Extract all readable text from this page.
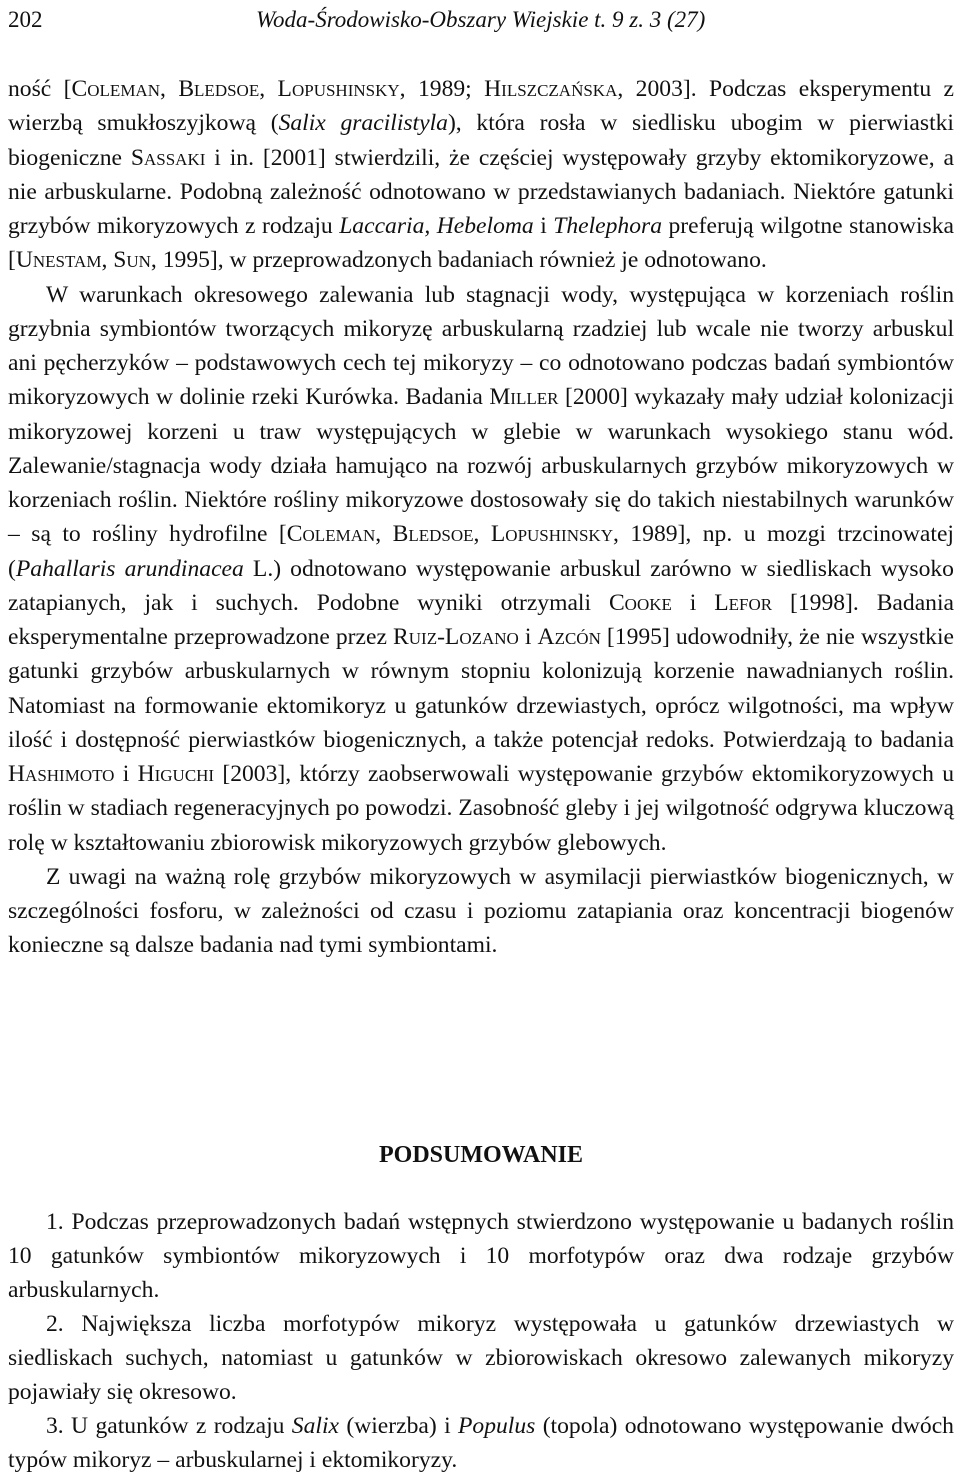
202	Woda-Środowisko-Obszary Wiejskie t. 9 z. 3 (27)

ność [Coleman, Bledsoe, Lopushinsky, 1989; Hilszczańska, 2003]. Podczas eksperymentu z wierzbą smukłoszyjkową (Salix gracilistyla), która rosła w siedlisku ubogim w pierwiastki biogeniczne Sassaki i in. [2001] stwierdzili, że częściej występowały grzyby ektomikoryzowe, a nie arbuskularne. Podobną zależność odnotowano w przedstawianych badaniach. Niektóre gatunki grzybów mikoryzowych z rodzaju Laccaria, Hebeloma i Thelephora preferują wilgotne stanowiska [Unestam, Sun, 1995], w przeprowadzonych badaniach również je odnotowano.

W warunkach okresowego zalewania lub stagnacji wody, występująca w korzeniach roślin grzybnia symbiontów tworzących mikoryzę arbuskularną rzadziej lub wcale nie tworzy arbuskul ani pęcherzyków – podstawowych cech tej mikoryzy – co odnotowano podczas badań symbiontów mikoryzowych w dolinie rzeki Kurówka. Badania Miller [2000] wykazały mały udział kolonizacji mikoryzowej korzeni u traw występujących w glebie w warunkach wysokiego stanu wód. Zalewanie/stagnacja wody działa hamująco na rozwój arbuskularnych grzybów mikoryzowych w korzeniach roślin. Niektóre rośliny mikoryzowe dostosowały się do takich niestabilnych warunków – są to rośliny hydrofilne [Coleman, Bledsoe, Lopushinsky, 1989], np. u mozgi trzcinowatej (Pahallaris arundinacea L.) odnotowano występowanie arbuskul zarówno w siedliskach wysoko zatapianych, jak i suchych. Podobne wyniki otrzymali Cooke i Lefor [1998]. Badania eksperymentalne przeprowadzone przez Ruiz-Lozano i Azcón [1995] udowodniły, że nie wszystkie gatunki grzybów arbuskularnych w równym stopniu kolonizują korzenie nawadnianych roślin. Natomiast na formowanie ektomikoryz u gatunków drzewiastych, oprócz wilgotności, ma wpływ ilość i dostępność pierwiastków biogenicznych, a także potencjał redoks. Potwierdzają to badania Hashimoto i Higuchi [2003], którzy zaobserwowali występowanie grzybów ektomikoryzowych u roślin w stadiach regeneracyjnych po powodzi. Zasobność gleby i jej wilgotność odgrywa kluczową rolę w kształtowaniu zbiorowisk mikoryzowych grzybów glebowych.

Z uwagi na ważną rolę grzybów mikoryzowych w asymilacji pierwiastków biogenicznych, w szczególności fosforu, w zależności od czasu i poziomu zatapiania oraz koncentracji biogenów konieczne są dalsze badania nad tymi symbiontami.

PODSUMOWANIE

1. Podczas przeprowadzonych badań wstępnych stwierdzono występowanie u badanych roślin 10 gatunków symbiontów mikoryzowych i 10 morfotypów oraz dwa rodzaje grzybów arbuskularnych.

2. Największa liczba morfotypów mikoryz występowała u gatunków drzewiastych w siedliskach suchych, natomiast u gatunków w zbiorowiskach okresowo zalewanych mikoryzy pojawiały się okresowo.

3. U gatunków z rodzaju Salix (wierzba) i Populus (topola) odnotowano występowanie dwóch typów mikoryz – arbuskularnej i ektomikoryzy.
